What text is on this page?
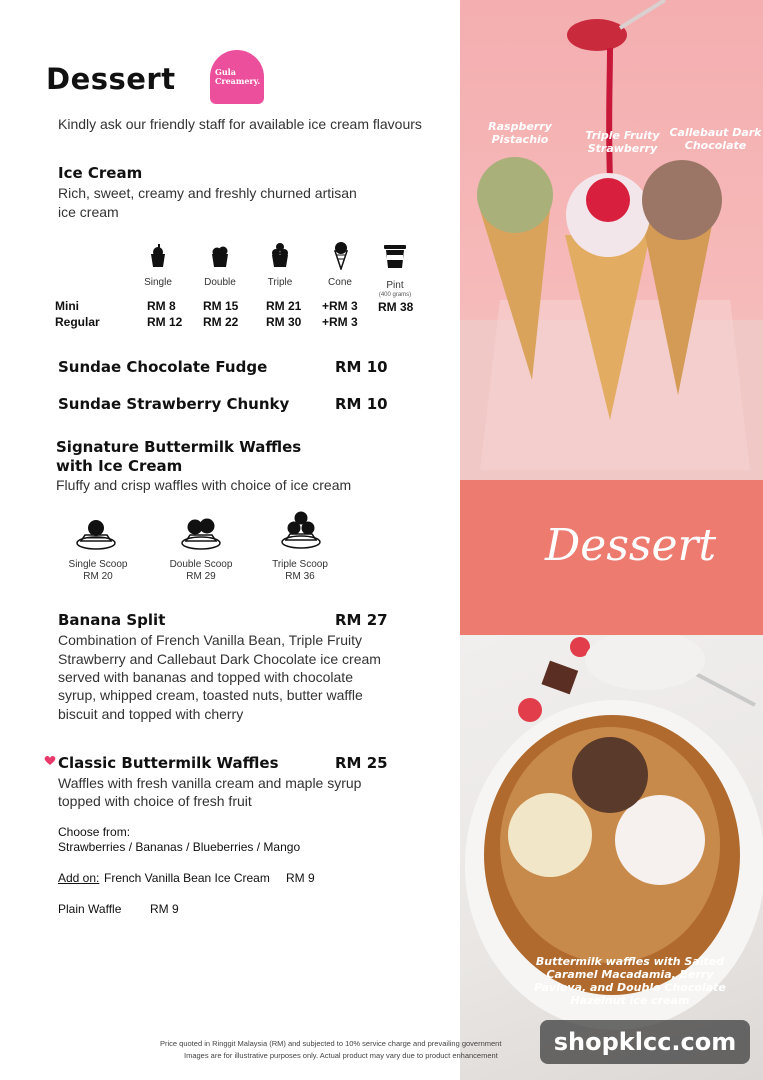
Dessert	Gula
Creamery.
Kindly ask our friendly staff for available ice cream flavours
Ice Cream
Rich, sweet, creamy and freshly churned artisan
ice cream
Single	Double	Triple	Cone	Pint
(400 grams)
Mini	RM 8 RM 15 RM 21 +RM 3 RM 38
Regular	RM 12 RM 22 RM 30 +RM 3
Sundae Chocolate Fudge	RM 10
Sundae Strawberry Chunky	RM 10
Signature Buttermilk Waffles
with Ice Cream
Fluffy and crisp waffles with choice of ice cream
Single Scoop
RM 20
Double Scoop
RM 29
Triple Scoop
RM 36
Banana Split	RM 27
Combination of French Vanilla Bean, Triple Fruity
Strawberry and Callebaut Dark Chocolate ice cream
served with bananas and topped with chocolate
syrup, whipped cream, toasted nuts, butter waffle
biscuit and topped with cherry
Classic Buttermilk Waffles	RM 25
Waffles with fresh vanilla cream and maple syrup
topped with choice of fresh fruit
Choose from:
Strawberries / Bananas / Blueberries / Mango
Add on: French Vanilla Bean Ice Cream RM 9
Plain Waffle RM 9
Raspberry
Pistachio	Triple Fruity
Strawberry
Callebaut Dark
Chocolate
Dessert
Buttermilk waffles with Salted
Caramel Macadamia, Berry
Pavlova, and Double Chocolate
Hazelnut ice cream
Price quoted in Ringgit Malaysia (RM) and subjected to 10% service charge and prevailing government
Images are for illustrative purposes only. Actual product may vary due to product enhancement	shopklcc.com
